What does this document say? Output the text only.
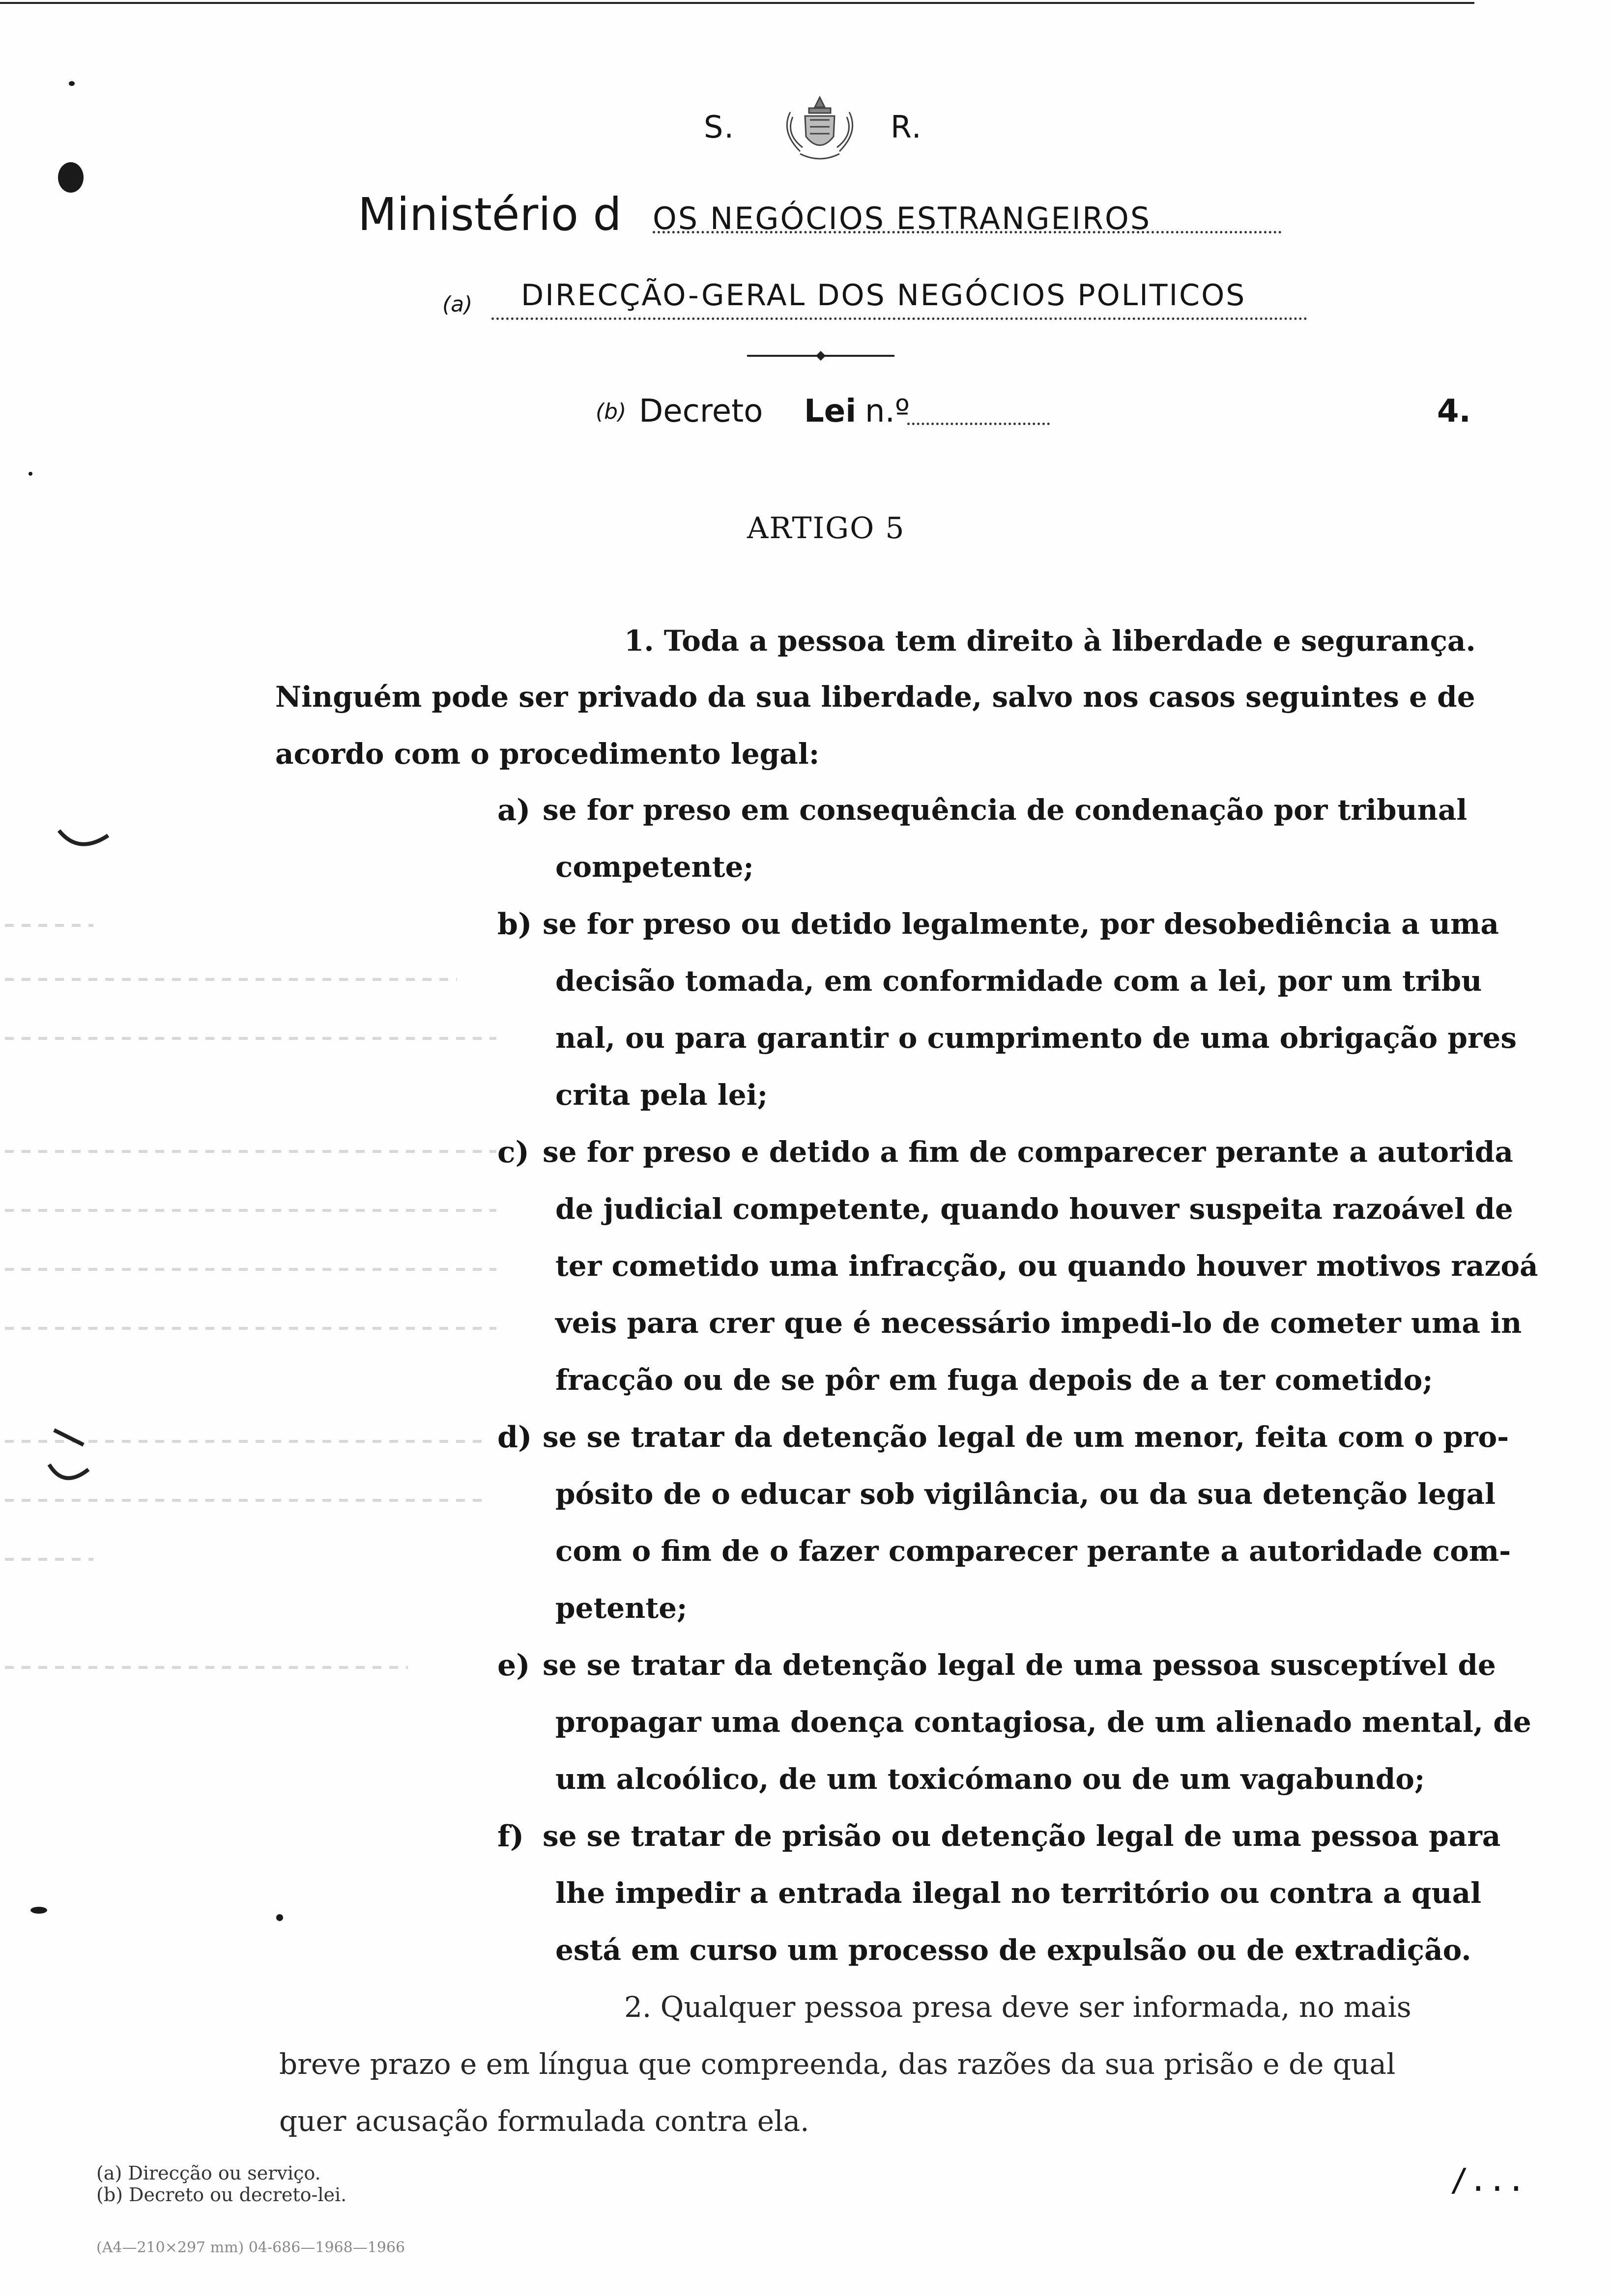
S.	R.
Ministério d OS NEGÓCIOS ESTRANGEIROS
(a) DIRECÇÃO-GERAL DOS NEGÓCIOS POLITICOS
(b) Decreto Lei n.º	4.
ARTIGO 5
1. Toda a pessoa tem direito à liberdade e segurança.
Ninguém pode ser privado da sua liberdade, salvo nos casos seguintes e de
acordo com o procedimento legal:
a) se for preso em consequência de condenação por tribunal
competente;
b) se for preso ou detido legalmente, por desobediência a uma
decisão tomada, em conformidade com a lei, por um tribu
nal, ou para garantir o cumprimento de uma obrigação pres
crita pela lei;
c) se for preso e detido a fim de comparecer perante a autorida
de judicial competente, quando houver suspeita razoável de
ter cometido uma infracção, ou quando houver motivos razoá
veis para crer que é necessário impedi-lo de cometer uma in
fracção ou de se pôr em fuga depois de a ter cometido;
d) se se tratar da detenção legal de um menor, feita com o pro-
pósito de o educar sob vigilância, ou da sua detenção legal
com o fim de o fazer comparecer perante a autoridade com-
petente;
e) se se tratar da detenção legal de uma pessoa susceptível de
propagar uma doença contagiosa, de um alienado mental, de
um alcoólico, de um toxicómano ou de um vagabundo;
f) se se tratar de prisão ou detenção legal de uma pessoa para
lhe impedir a entrada ilegal no território ou contra a qual
está em curso um processo de expulsão ou de extradição.
2. Qualquer pessoa presa deve ser informada, no mais
breve prazo e em língua que compreenda, das razões da sua prisão e de qual
quer acusação formulada contra ela.
/...
(a) Direcção ou serviço.
(b) Decreto ou decreto-lei.
(A4—210×297 mm) 04-686—1968—1966
